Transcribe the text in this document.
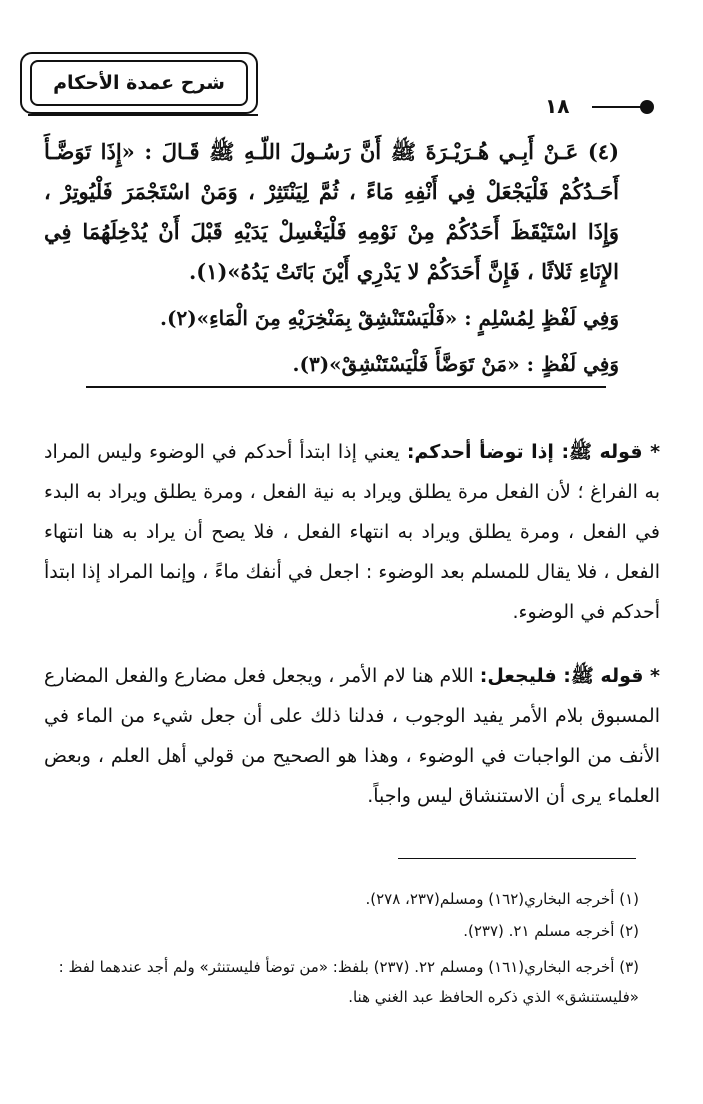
شرح عمدة الأحكام
١٨
(٤) عَـنْ أَبِـي هُـرَيْـرَةَ ﷺ أَنَّ رَسُـولَ اللّـهِ ﷺ قَـالَ : «إِذَا تَوَضَّـأَ أَحَـدُكُمْ فَلْيَجْعَلْ فِي أَنْفِهِ مَاءً ، ثُمَّ لِيَنْتَثِرْ ، وَمَنْ اسْتَجْمَرَ فَلْيُوتِرْ ، وَإِذَا اسْتَيْقَظَ أَحَدُكُمْ مِنْ نَوْمِهِ فَلْيَغْسِلْ يَدَيْهِ قَبْلَ أَنْ يُدْخِلَهُمَا فِي الإِنَاءِ ثَلاثًا ، فَإِنَّ أَحَدَكُمْ لا يَدْرِي أَيْنَ بَاتَتْ يَدُهُ»(١).
وَفِي لَفْظٍ لِمُسْلِمٍ : «فَلْيَسْتَنْشِقْ بِمَنْخِرَيْهِ مِنَ الْمَاءِ»(٢).
وَفِي لَفْظٍ : «مَنْ تَوَضَّأَ فَلْيَسْتَنْشِقْ»(٣).
* قوله ﷺ: إذا توضأ أحدكم: يعني إذا ابتدأ أحدكم في الوضوء وليس المراد به الفراغ ؛ لأن الفعل مرة يطلق ويراد به نية الفعل ، ومرة يطلق ويراد به البدء في الفعل ، ومرة يطلق ويراد به انتهاء الفعل ، فلا يصح أن يراد به هنا انتهاء الفعل ، فلا يقال للمسلم بعد الوضوء : اجعل في أنفك ماءً ، وإنما المراد إذا ابتدأ أحدكم في الوضوء.
* قوله ﷺ: فليجعل: اللام هنا لام الأمر ، ويجعل فعل مضارع والفعل المضارع المسبوق بلام الأمر يفيد الوجوب ، فدلنا ذلك على أن جعل شيء من الماء في الأنف من الواجبات في الوضوء ، وهذا هو الصحيح من قولي أهل العلم ، وبعض العلماء يرى أن الاستنشاق ليس واجباً.
(١) أخرجه البخاري(١٦٢) ومسلم(٢٣٧، ٢٧٨).
(٢) أخرجه مسلم ٢١. (٢٣٧).
(٣) أخرجه البخاري(١٦١) ومسلم ٢٢. (٢٣٧) بلفظ: «من توضأ فليستنثر» ولم أجد عندهما لفظ : «فليستنشق» الذي ذكره الحافظ عبد الغني هنا.
